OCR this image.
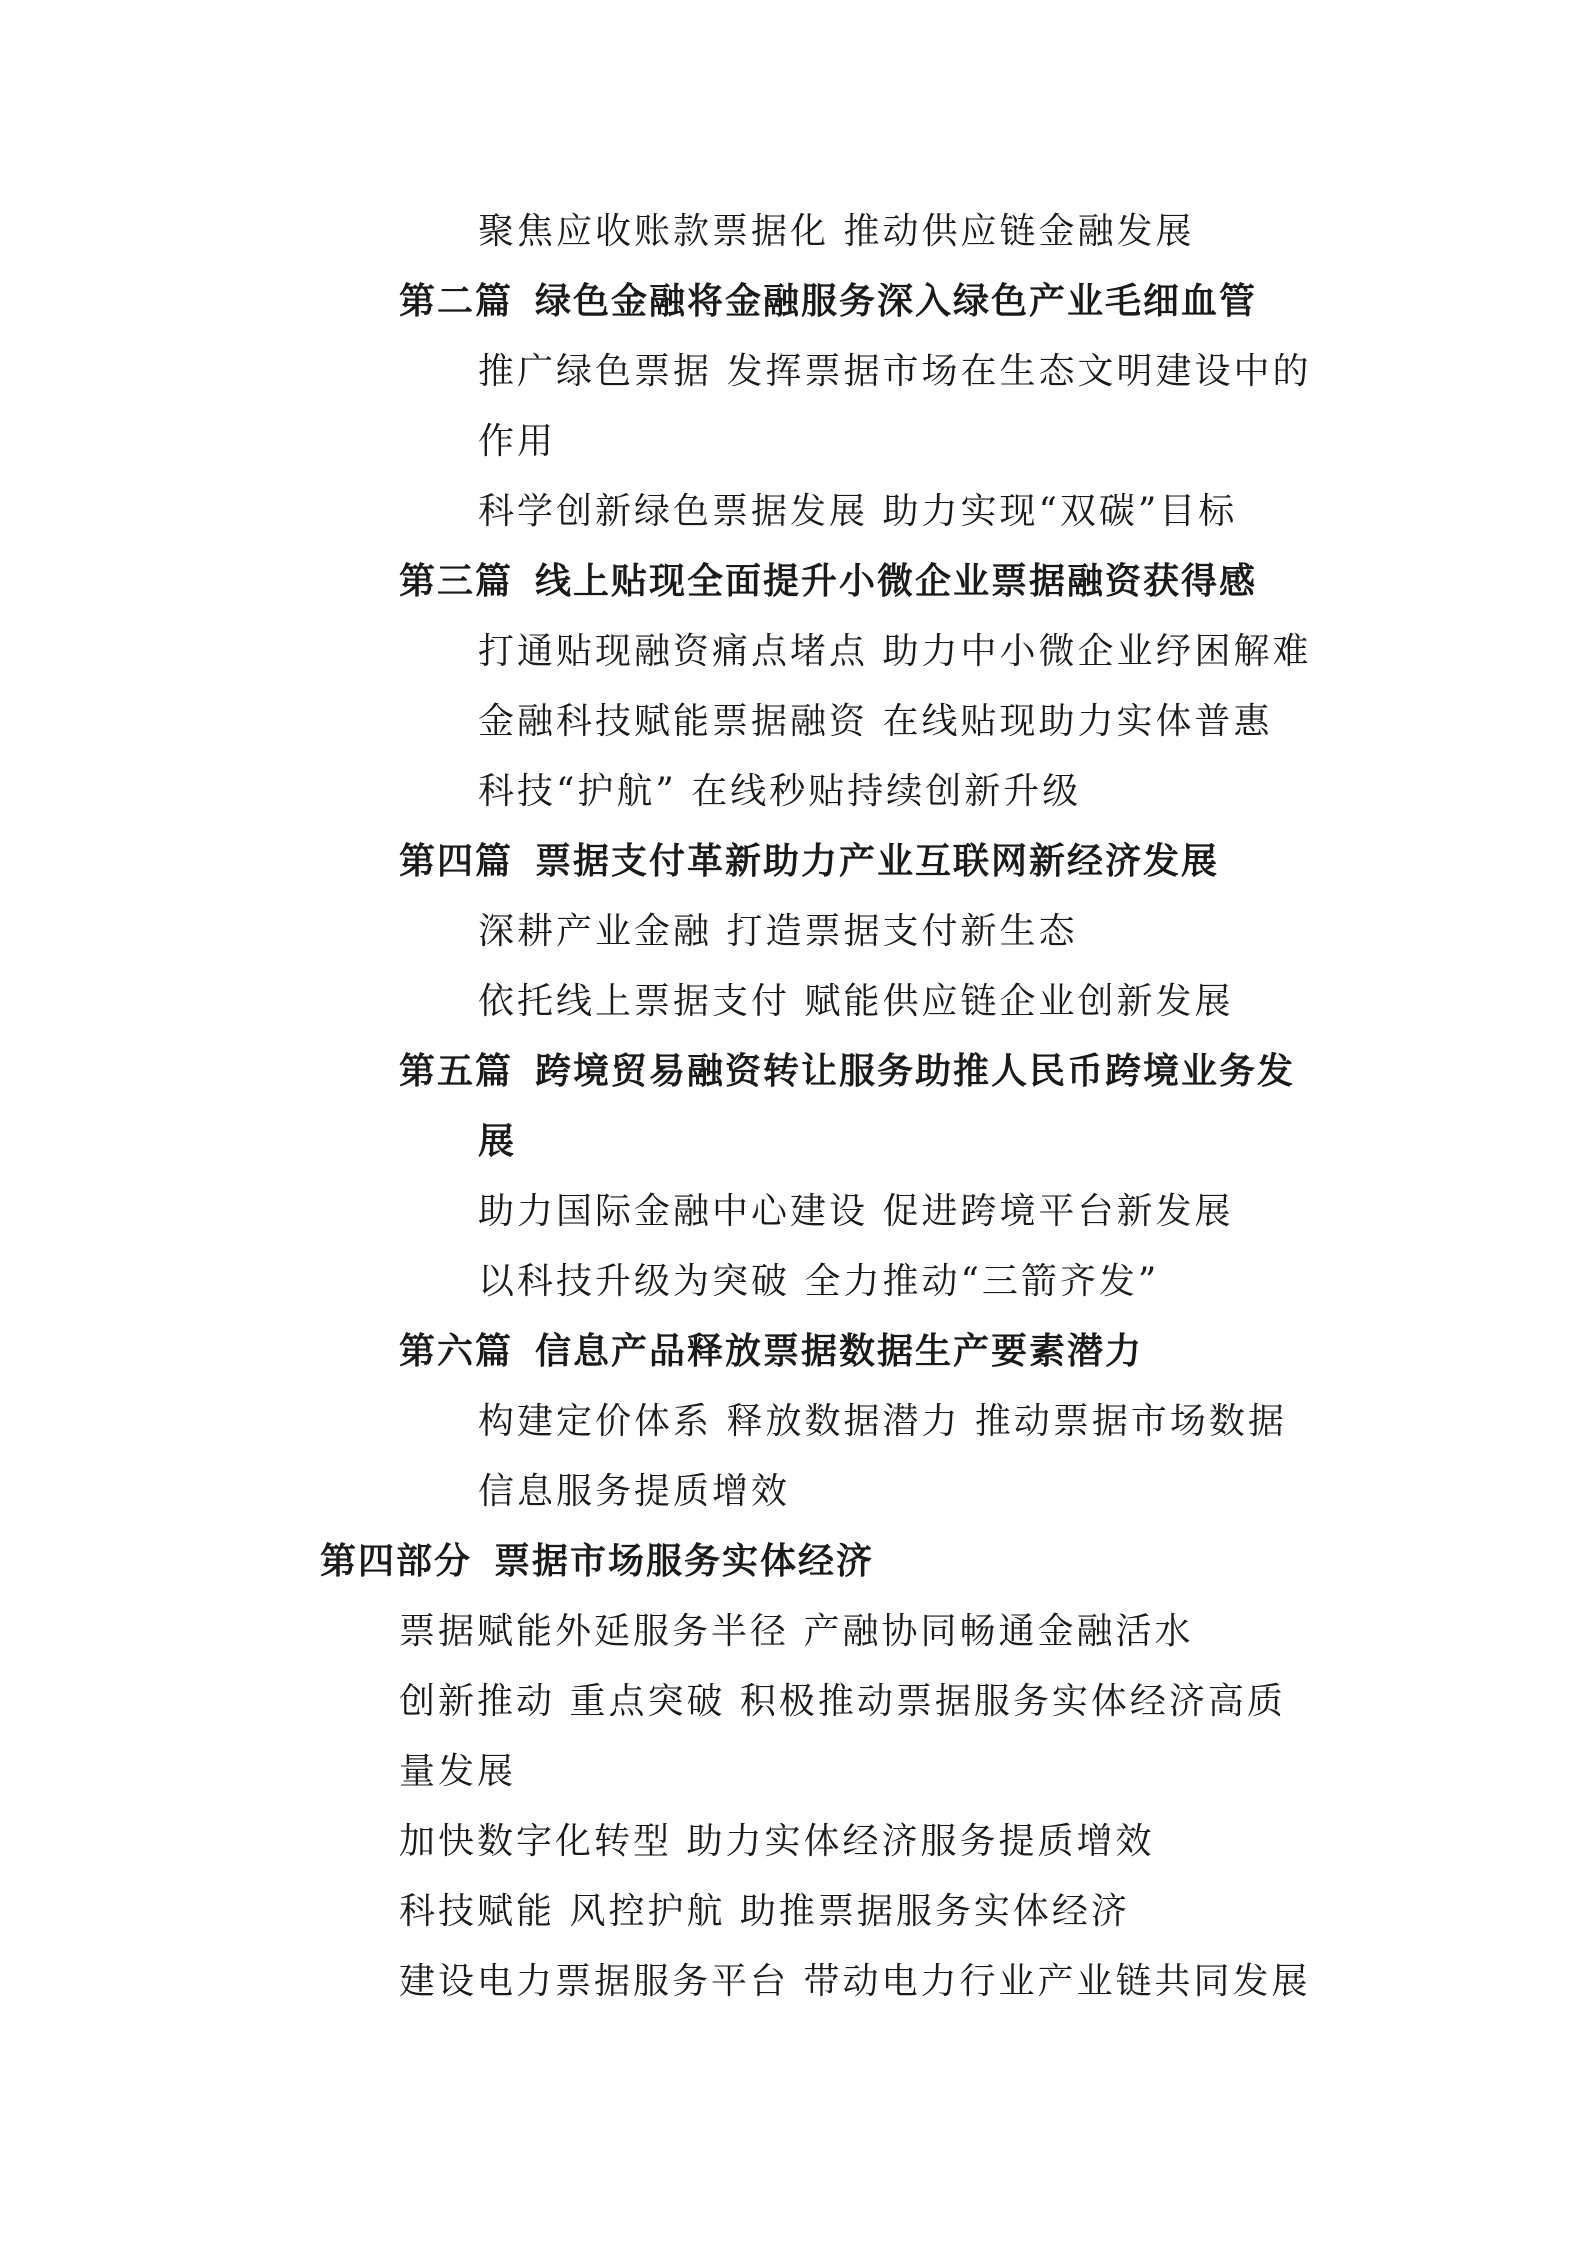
聚焦应收账款票据化 推动供应链金融发展
第二篇 绿色金融将金融服务深入绿色产业毛细血管
推广绿色票据 发挥票据市场在生态文明建设中的
作用
科学创新绿色票据发展 助力实现“双碳”目标
第三篇 线上贴现全面提升小微企业票据融资获得感
打通贴现融资痛点堵点 助力中小微企业纾困解难
金融科技赋能票据融资 在线贴现助力实体普惠
科技“护航” 在线秒贴持续创新升级
第四篇 票据支付革新助力产业互联网新经济发展
深耕产业金融 打造票据支付新生态
依托线上票据支付 赋能供应链企业创新发展
第五篇 跨境贸易融资转让服务助推人民币跨境业务发
展
助力国际金融中心建设 促进跨境平台新发展
以科技升级为突破 全力推动“三箭齐发”
第六篇 信息产品释放票据数据生产要素潜力
构建定价体系 释放数据潜力 推动票据市场数据
信息服务提质增效
第四部分 票据市场服务实体经济
票据赋能外延服务半径 产融协同畅通金融活水
创新推动 重点突破 积极推动票据服务实体经济高质
量发展
加快数字化转型 助力实体经济服务提质增效
科技赋能 风控护航 助推票据服务实体经济
建设电力票据服务平台 带动电力行业产业链共同发展
